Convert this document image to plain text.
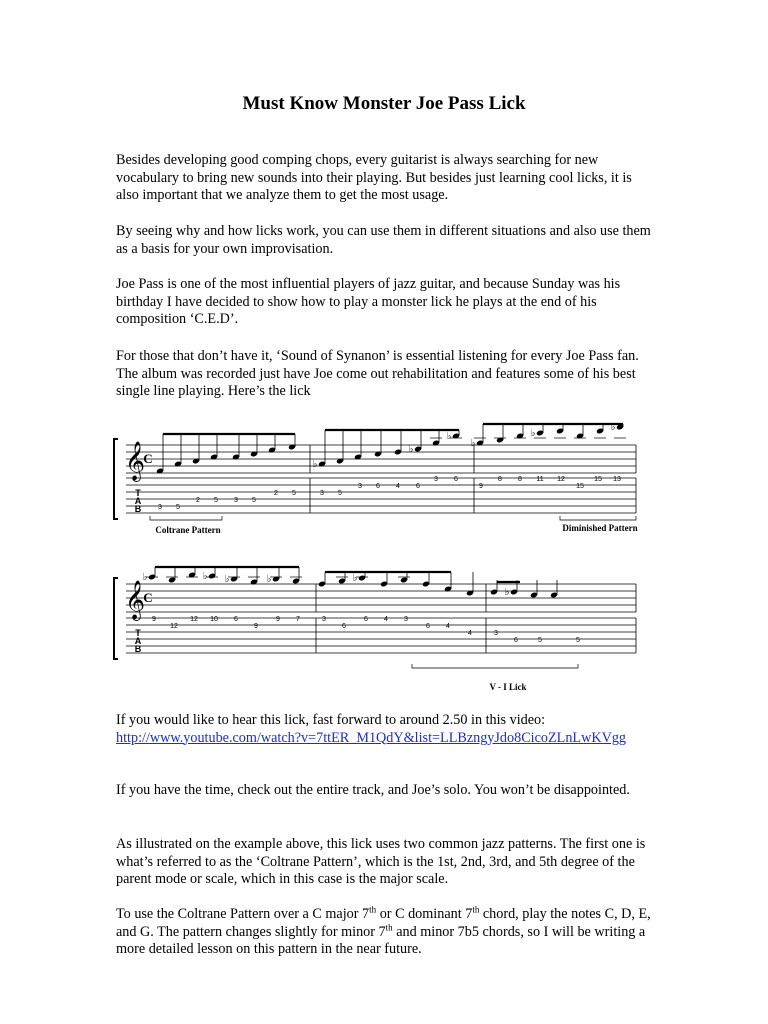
Must Know Monster Joe Pass Lick

Besides developing good comping chops, every guitarist is always searching for new vocabulary to bring new sounds into their playing. But besides just learning cool licks, it is also important that we analyze them to get the most usage.

By seeing why and how licks work, you can use them in different situations and also use them as a basis for your own improvisation.

Joe Pass is one of the most influential players of jazz guitar, and because Sunday was his birthday I have decided to show how to play a monster lick he plays at the end of his composition ‘C.E.D’.

For those that don’t have it, ‘Sound of Synanon’ is essential listening for every Joe Pass fan. The album was recorded just have Joe come out rehabilitation and features some of his best single line playing. Here’s the lick

𝄞
C
T
A
B
♭
♭
♭
♭
♭
♭
3 5
2 5 3 5
2 5	3 5
3 6 4 6
3 6
9
8 8 11 12
15
15 13
Coltrane Pattern	Diminished Pattern
𝄞
C
T
A
B
♭	♭ ♭	♭	♭
♭
9
12
12 10 6
9
9 7	3
6
6 4 3
6 4
4	3
6	5	5
V - I Lick
If you would like to hear this lick, fast forward to around 2.50 in this video:
http://www.youtube.com/watch?v=7ttER_M1QdY&list=LLBzngyJdo8CicoZLnLwKVgg

If you have the time, check out the entire track, and Joe’s solo. You won’t be disappointed.

As illustrated on the example above, this lick uses two common jazz patterns. The first one is what’s referred to as the ‘Coltrane Pattern’, which is the 1st, 2nd, 3rd, and 5th degree of the parent mode or scale, which in this case is the major scale.

To use the Coltrane Pattern over a C major 7th or C dominant 7th chord, play the notes C, D, E, and G. The pattern changes slightly for minor 7th and minor 7b5 chords, so I will be writing a more detailed lesson on this pattern in the near future.
